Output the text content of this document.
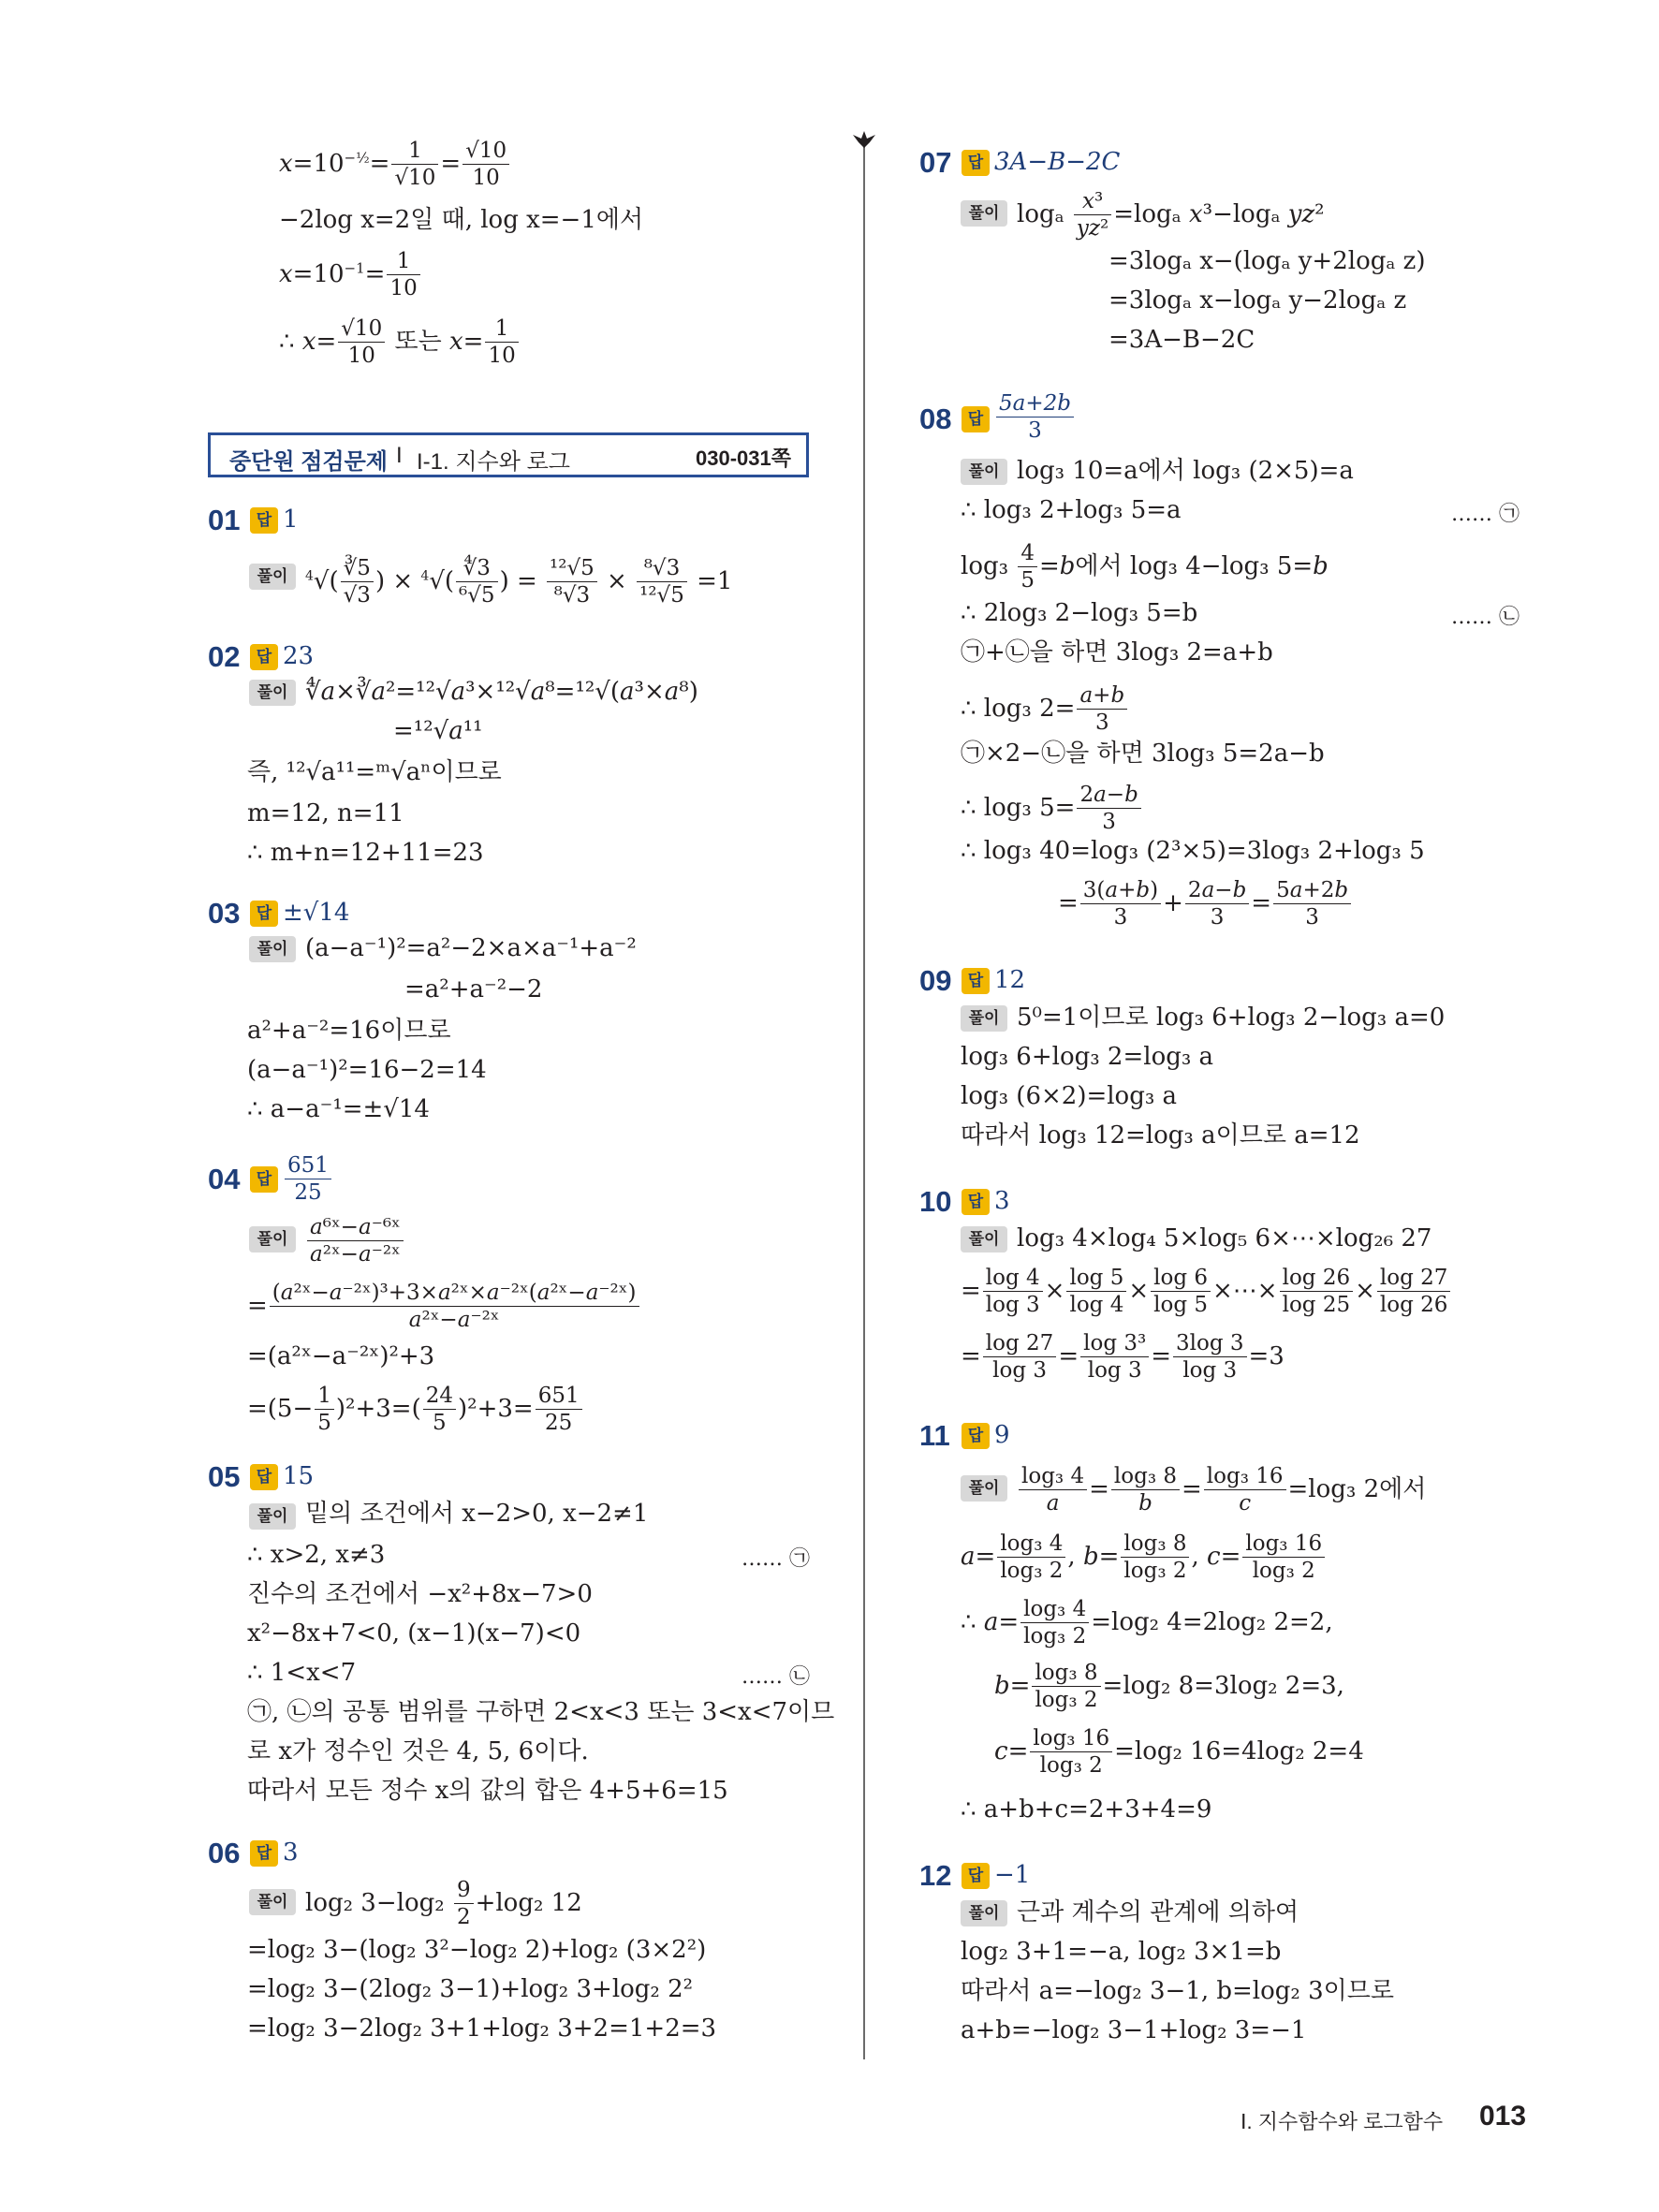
$x=10^{-\frac{1}{2}}= \frac{1}{√10} = \frac{√10}{10}$
−2log x=2일 때, log x=−1에서
$x=10^{-1}= \frac{1}{10}$
∴ $x= \frac{√10}{10}$ 또는 $x= \frac{1}{10}$
중단원 점검문제 I I-1. 지수와 로그	030-031쪽
01	답 1
풀이	$^4√( \frac{∛5}{√3}$ ) × $^4√( \frac{∜3}{\text{⁶√5}}$ ) = $\frac{\text{¹²√5}}{\text{⁸√3}} \times \frac{\text{⁸√3}}{\text{¹²√5}} =1$
02	답 23
풀이 ∜a×∛a²=¹²√a³×¹²√a⁸=¹²√(a³×a⁸)
=¹²√a¹¹
즉, ¹²√a¹¹=ᵐ√aⁿ이므로
m=12, n=11
∴ m+n=12+11=23
03	답 ±√14
풀이 (a−a⁻¹)²=a²−2×a×a⁻¹+a⁻²
=a²+a⁻²−2
a²+a⁻²=16이므로
(a−a⁻¹)²=16−2=14
∴ a−a⁻¹=±√14
04	답 $\frac{651}{25}$
풀이 $\frac{\text{a⁶ˣ−a⁻⁶ˣ}}{\text{a²ˣ−a⁻²ˣ}}$
= $\frac{\text{(a²ˣ−a⁻²ˣ)³+3×a²ˣ×a⁻²ˣ(a²ˣ−a⁻²ˣ)}}{\text{a²ˣ−a⁻²ˣ}}$
=(a²ˣ−a⁻²ˣ)²+3
$=(5- \frac{1}{5} )^2+3=( \frac{24}{5} )^2+3= \frac{651}{25}$
05	답 15
풀이 밑의 조건에서 x−2>0, x−2≠1
∴ x>2, x≠3	…… ㉠
진수의 조건에서 −x²+8x−7>0
x²−8x+7<0, (x−1)(x−7)<0
∴ 1<x<7	…… ㉡
㉠, ㉡의 공통 범위를 구하면 2<x<3 또는 3<x<7이므
로 x가 정수인 것은 4, 5, 6이다.
따라서 모든 정수 x의 값의 합은 4+5+6=15
06	답 3
풀이 log₂ $3-\log_2 \frac{9}{2} +\log_2$ 12
=log₂ 3−(log₂ 3²−log₂ 2)+log₂ (3×2²)
=log₂ 3−(2log₂ 3−1)+log₂ 3+log₂ 2²
=log₂ 3−2log₂ 3+1+log₂ 3+2=1+2=3
07	답 3A−B−2C
풀이 logₐ $\frac{\text{x³}}{\text{yz²}} =\log_a$ x³−logₐ yz²
=3logₐ x−(logₐ y+2logₐ z)
=3logₐ x−logₐ y−2logₐ z
=3A−B−2C
08	답 $\frac{5a+2b}{3}$
풀이 log₃ 10=a에서 log₃ (2×5)=a
∴ log₃ 2+log₃ 5=a	…… ㉠
$\log_3 \frac{4}{5} =b$에서 log₃ 4−log₃ 5=b
∴ 2log₃ 2−log₃ 5=b	…… ㉡
㉠+㉡을 하면 3log₃ 2=a+b
∴ log₃ $2= \frac{a+b}{3}$
㉠×2−㉡을 하면 3log₃ 5=2a−b
∴ log₃ $5= \frac{2a-b}{3}$
∴ log₃ 40=log₃ (2³×5)=3log₃ 2+log₃ 5
= $\frac{3(a+b)}{3} + \frac{2a-b}{3} = \frac{5a+2b}{3}$
09	답 12
풀이 5⁰=1이므로 log₃ 6+log₃ 2−log₃ a=0
log₃ 6+log₃ 2=log₃ a
log₃ (6×2)=log₃ a
따라서 log₃ 12=log₃ a이므로 a=12
10	답 3
풀이 log₃ 4×log₄ 5×log₅ 6×⋯×log₂₆ 27
= $\frac{\log 4}{\log 3} \times \frac{\log 5}{\log 4} \times \frac{\log 6}{\log 5}$ ×⋯× $\frac{\log 26}{\log 25} \times \frac{\log 27}{\log 26}$
= $\frac{\log 27}{\log 3} = \frac{\text{log 3³}}{\log 3} = \frac{3\log 3}{\log 3} =3$
11	답 9
풀이 $\frac{\text{log₃ 4}}{a} = \frac{\text{log₃ 8}}{b} = \frac{\text{log₃ 16}}{c} =\log_3$ 2에서
$a= \frac{\text{log₃ 4}}{\text{log₃ 2}}$ , $b= \frac{\text{log₃ 8}}{\text{log₃ 2}}$ , $c= \frac{\text{log₃ 16}}{\text{log₃ 2}}$
∴ $a= \frac{\text{log₃ 4}}{\text{log₃ 2}} =\log_2$ 4=2log₂ 2=2,
$b= \frac{\text{log₃ 8}}{\text{log₃ 2}} =\log_2$ 8=3log₂ 2=3,
$c= \frac{\text{log₃ 16}}{\text{log₃ 2}} =\log_2$ 16=4log₂ 2=4
∴ a+b+c=2+3+4=9
12	답 −1
풀이 근과 계수의 관계에 의하여
log₂ 3+1=−a, log₂ 3×1=b
따라서 a=−log₂ 3−1, b=log₂ 3이므로
a+b=−log₂ 3−1+log₂ 3=−1
Ⅰ. 지수함수와 로그함수 013
